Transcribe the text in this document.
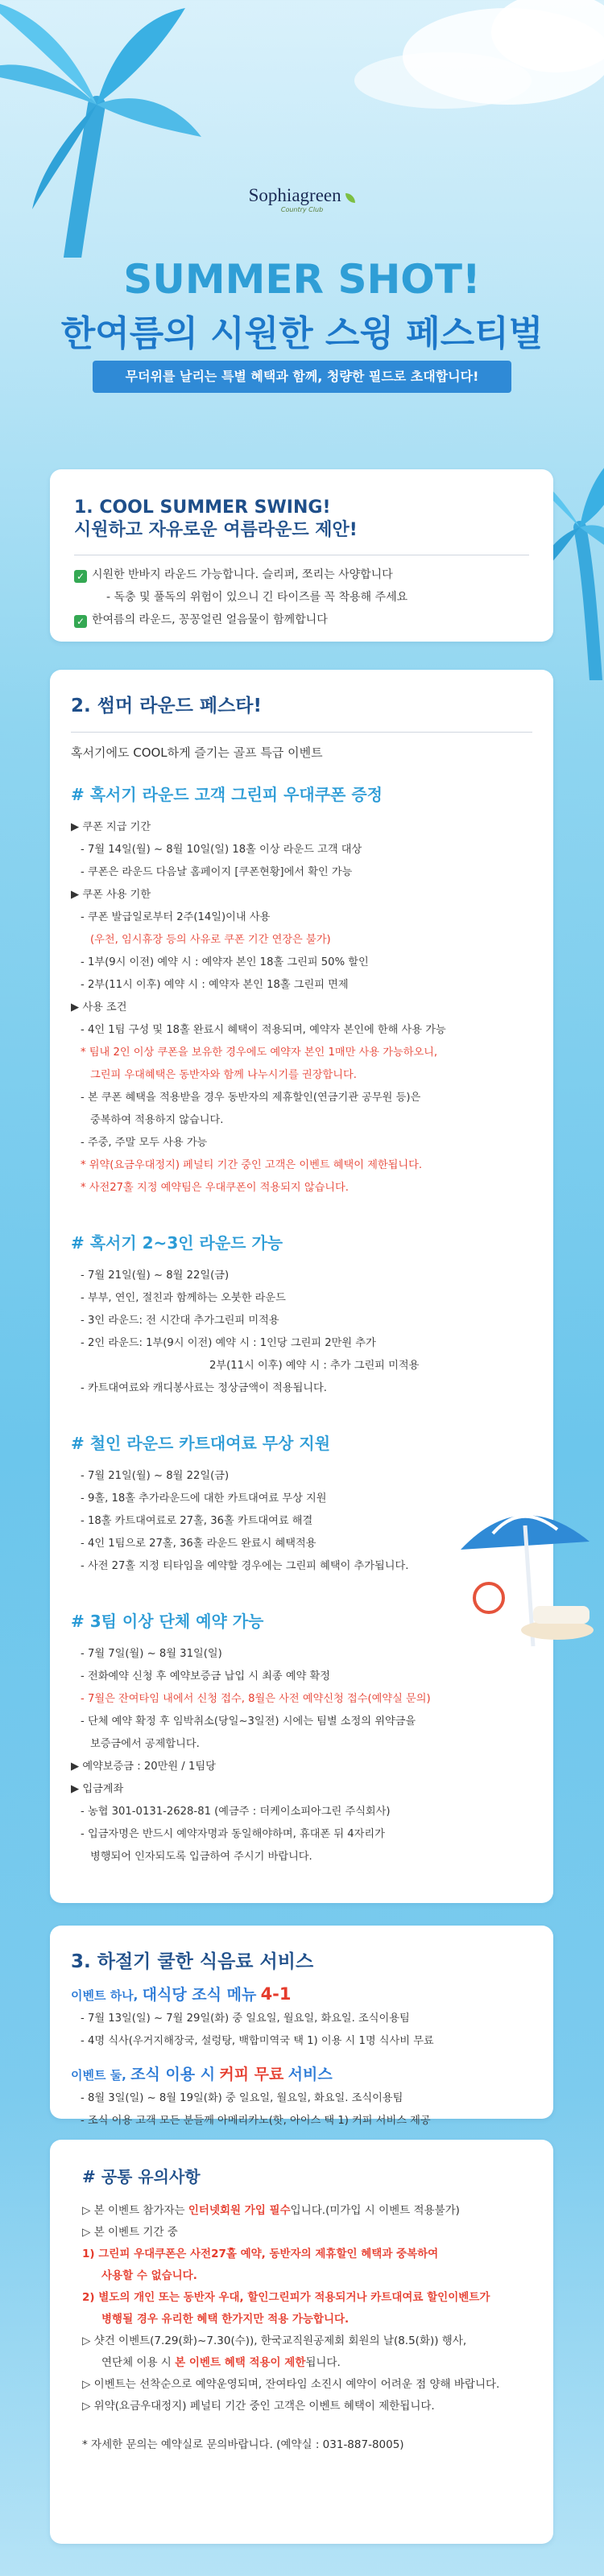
Sophiagreen
Country Club
SUMMER SHOT!
한여름의 시원한 스윙 페스티벌
무더위를 날리는 특별 혜택과 함께, 청량한 필드로 초대합니다!
1. COOL SUMMER SWING!
시원하고 자유로운 여름라운드 제안!
✓ 시원한 반바지 라운드 가능합니다. 슬리퍼, 쪼리는 사양합니다
- 독충 및 풀독의 위험이 있으니 긴 타이즈를 꼭 착용해 주세요
✓ 한여름의 라운드, 꽁꽁얼린 얼음물이 함께합니다
2. 썸머 라운드 페스타!
혹서기에도 COOL하게 즐기는 골프 특급 이벤트
# 혹서기 라운드 고객 그린피 우대쿠폰 증정
▶ 쿠폰 지급 기간
- 7월 14일(월) ~ 8월 10일(일) 18홀 이상 라운드 고객 대상
- 쿠폰은 라운드 다음날 홈페이지 [쿠폰현황]에서 확인 가능
▶ 쿠폰 사용 기한
- 쿠폰 발급일로부터 2주(14일)이내 사용
(우천, 임시휴장 등의 사유로 쿠폰 기간 연장은 불가)
- 1부(9시 이전) 예약 시 : 예약자 본인 18홀 그린피 50% 할인
- 2부(11시 이후) 예약 시 : 예약자 본인 18홀 그린피 면제
▶ 사용 조건
- 4인 1팀 구성 및 18홀 완료시 혜택이 적용되며, 예약자 본인에 한해 사용 가능
* 팀내 2인 이상 쿠폰을 보유한 경우에도 예약자 본인 1매만 사용 가능하오니,
그린피 우대혜택은 동반자와 함께 나누시기를 권장합니다.
- 본 쿠폰 혜택을 적용받을 경우 동반자의 제휴할인(연금기관 공무원 등)은
중복하여 적용하지 않습니다.
- 주중, 주말 모두 사용 가능
* 위약(요금우대정지) 페널티 기간 중인 고객은 이벤트 혜택이 제한됩니다.
* 사전27홀 지정 예약팀은 우대쿠폰이 적용되지 않습니다.
# 혹서기 2~3인 라운드 가능
- 7월 21일(월) ~ 8월 22일(금)
- 부부, 연인, 절친과 함께하는 오붓한 라운드
- 3인 라운드: 전 시간대 추가그린피 미적용
- 2인 라운드: 1부(9시 이전) 예약 시 : 1인당 그린피 2만원 추가
2부(11시 이후) 예약 시 : 추가 그린피 미적용
- 카트대여료와 캐디봉사료는 정상금액이 적용됩니다.
# 철인 라운드 카트대여료 무상 지원
- 7월 21일(월) ~ 8월 22일(금)
- 9홀, 18홀 추가라운드에 대한 카트대여료 무상 지원
- 18홀 카트대여료로 27홀, 36홀 카트대여료 해결
- 4인 1팀으로 27홀, 36홀 라운드 완료시 혜택적용
- 사전 27홀 지정 티타임을 예약할 경우에는 그린피 혜택이 추가됩니다.
# 3팀 이상 단체 예약 가능
- 7월 7일(월) ~ 8월 31일(일)
- 전화예약 신청 후 예약보증금 납입 시 최종 예약 확정
- 7월은 잔여타임 내에서 신청 접수, 8월은 사전 예약신청 접수(예약실 문의)
- 단체 예약 확정 후 임박취소(당일~3일전) 시에는 팀별 소정의 위약금을
보증금에서 공제합니다.
▶ 예약보증금 : 20만원 / 1팀당
▶ 입금계좌
- 농협 301-0131-2628-81 (예금주 : 더케이소피아그린 주식회사)
- 입금자명은 반드시 예약자명과 동일해야하며, 휴대폰 뒤 4자리가
병행되어 인자되도록 입금하여 주시기 바랍니다.
3. 하절기 쿨한 식음료 서비스
이벤트 하나, 대식당 조식 메뉴 4-1
- 7월 13일(일) ~ 7월 29일(화) 중 일요일, 월요일, 화요일. 조식이용팀
- 4명 식사(우거지해장국, 설렁탕, 백합미역국 택 1) 이용 시 1명 식사비 무료
이벤트 둘, 조식 이용 시 커피 무료 서비스
- 8월 3일(일) ~ 8월 19일(화) 중 일요일, 월요일, 화요일. 조식이용팀
- 조식 이용 고객 모든 분들께 아메리카노(핫, 아이스 택 1) 커피 서비스 제공
# 공통 유의사항
▷ 본 이벤트 참가자는 인터넷회원 가입 필수입니다.(미가입 시 이벤트 적용불가)
▷ 본 이벤트 기간 중
1) 그린피 우대쿠폰은 사전27홀 예약, 동반자의 제휴할인 혜택과 중복하여
사용할 수 없습니다.
2) 별도의 개인 또는 동반자 우대, 할인그린피가 적용되거나 카트대여료 할인이벤트가
병행될 경우 유리한 혜택 한가지만 적용 가능합니다.
▷ 샷건 이벤트(7.29(화)~7.30(수)), 한국교직원공제회 회원의 날(8.5(화)) 행사,
연단체 이용 시 본 이벤트 혜택 적용이 제한됩니다.
▷ 이벤트는 선착순으로 예약운영되며, 잔여타임 소진시 예약이 어려운 점 양해 바랍니다.
▷ 위약(요금우대정지) 페널티 기간 중인 고객은 이벤트 혜택이 제한됩니다.
* 자세한 문의는 예약실로 문의바랍니다. (예약실 : 031-887-8005)
